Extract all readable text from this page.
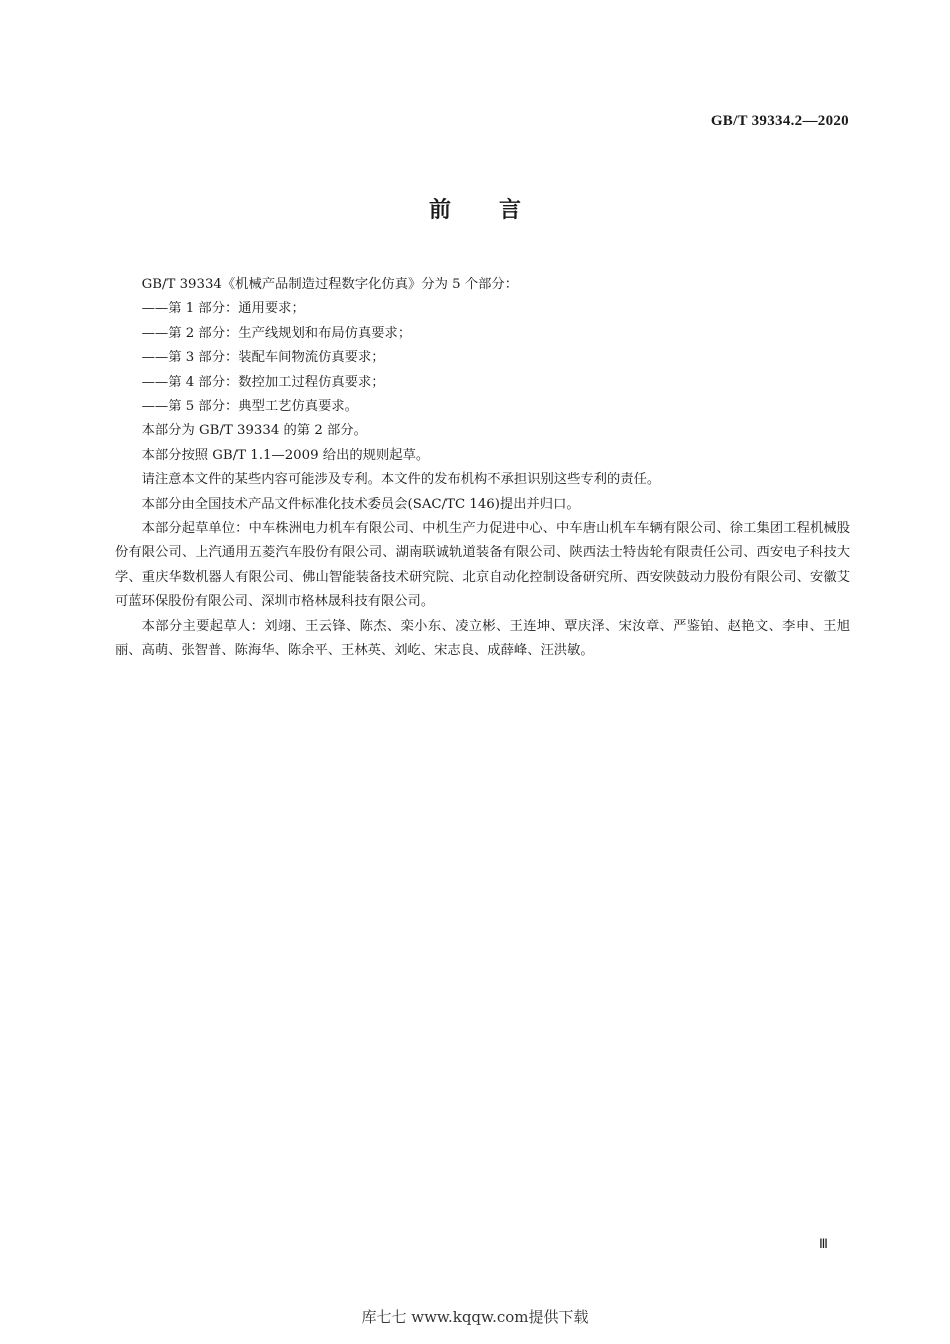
GB/T 39334.2—2020
前言

GB/T 39334《机械产品制造过程数字化仿真》分为 5 个部分：

——第 1 部分：通用要求；

——第 2 部分：生产线规划和布局仿真要求；

——第 3 部分：装配车间物流仿真要求；

——第 4 部分：数控加工过程仿真要求；

——第 5 部分：典型工艺仿真要求。

本部分为 GB/T 39334 的第 2 部分。

本部分按照 GB/T 1.1—2009 给出的规则起草。

请注意本文件的某些内容可能涉及专利。本文件的发布机构不承担识别这些专利的责任。

本部分由全国技术产品文件标准化技术委员会(SAC/TC 146)提出并归口。

本部分起草单位：中车株洲电力机车有限公司、中机生产力促进中心、中车唐山机车车辆有限公司、徐工集团工程机械股份有限公司、上汽通用五菱汽车股份有限公司、湖南联诚轨道装备有限公司、陕西法士特齿轮有限责任公司、西安电子科技大学、重庆华数机器人有限公司、佛山智能装备技术研究院、北京自动化控制设备研究所、西安陕鼓动力股份有限公司、安徽艾可蓝环保股份有限公司、深圳市格林晟科技有限公司。

本部分主要起草人：刘翊、王云锋、陈杰、栾小东、凌立彬、王连坤、覃庆泽、宋汝章、严鉴铂、赵艳文、李申、王旭丽、高萌、张智普、陈海华、陈余平、王林英、刘屹、宋志良、成薛峰、汪洪敏。

Ⅲ
库七七 www.kqqw.com提供下载
